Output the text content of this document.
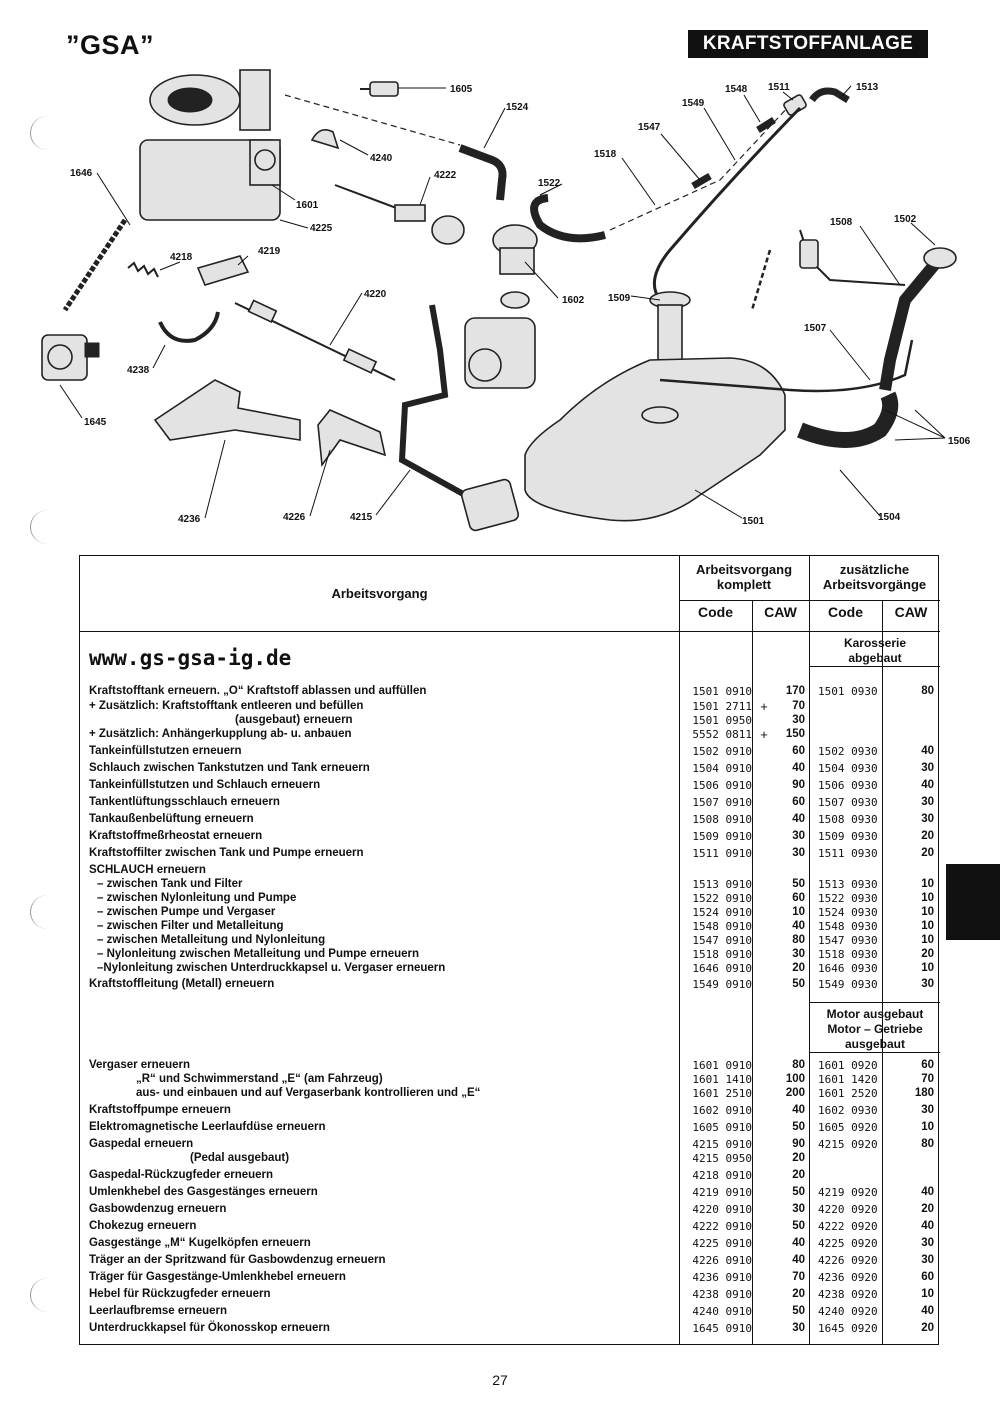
”GSA”	KRAFTSTOFFANLAGE
1605
1524
1548 1511	1513
1549
1547
1518
1646
4240
4222
1522
1601
4225
1508	1502
4218
4219
1602 1509
4220
1507
4238
1645
1506
4236	4226	4215	1501	1504
Arbeitsvorgang
Arbeitsvorgang komplett
zusätzliche Arbeitsvorgänge
Code	CAW	Code	CAW
www.gs-gsa-ig.de
Karosserie abgebaut
Motor ausgebaut Motor – Getriebe ausgebaut
Kraftstofftank erneuern. „O“ Kraftstoff ablassen und auffüllen	1501 0910	170	1501 0930	80
+ Zusätzlich: Kraftstofftank entleeren und befüllen	1501 2711 +	70
(ausgebaut) erneuern	1501 0950	30
+ Zusätzlich: Anhängerkupplung ab- u. anbauen	5552 0811 +	150
Tankeinfüllstutzen erneuern	1502 0910	60	1502 0930	40
Schlauch zwischen Tankstutzen und Tank erneuern	1504 0910	40	1504 0930	30
Tankeinfüllstutzen und Schlauch erneuern	1506 0910	90	1506 0930	40
Tankentlüftungsschlauch erneuern	1507 0910	60	1507 0930	30
Tankaußenbelüftung erneuern	1508 0910	40	1508 0930	30
Kraftstoffmeßrheostat erneuern	1509 0910	30	1509 0930	20
Kraftstoffilter zwischen Tank und Pumpe erneuern	1511 0910	30	1511 0930	20
SCHLAUCH erneuern
– zwischen Tank und Filter	1513 0910	50	1513 0930	10
– zwischen Nylonleitung und Pumpe	1522 0910	60	1522 0930	10
– zwischen Pumpe und Vergaser	1524 0910	10	1524 0930	10
– zwischen Filter und Metalleitung	1548 0910	40	1548 0930	10
– zwischen Metalleitung und Nylonleitung	1547 0910	80	1547 0930	10
– Nylonleitung zwischen Metalleitung und Pumpe erneuern	1518 0910	30	1518 0930	20
–Nylonleitung zwischen Unterdruckkapsel u. Vergaser erneuern	1646 0910	20	1646 0930	10
Kraftstoffleitung (Metall) erneuern	1549 0910	50	1549 0930	30
Vergaser erneuern	1601 0910	80	1601 0920	60
„R“ und Schwimmerstand „E“ (am Fahrzeug)	1601 1410	100	1601 1420	70
aus- und einbauen und auf Vergaserbank kontrollieren und „E“	1601 2510	200	1601 2520	180
Kraftstoffpumpe erneuern	1602 0910	40	1602 0930	30
Elektromagnetische Leerlaufdüse erneuern	1605 0910	50	1605 0920	10
Gaspedal erneuern	4215 0910	90	4215 0920	80
(Pedal ausgebaut)	4215 0950	20
Gaspedal-Rückzugfeder erneuern	4218 0910	20
Umlenkhebel des Gasgestänges erneuern	4219 0910	50	4219 0920	40
Gasbowdenzug erneuern	4220 0910	30	4220 0920	20
Chokezug erneuern	4222 0910	50	4222 0920	40
Gasgestänge „M“ Kugelköpfen erneuern	4225 0910	40	4225 0920	30
Träger an der Spritzwand für Gasbowdenzug erneuern	4226 0910	40	4226 0920	30
Träger für Gasgestänge-Umlenkhebel erneuern	4236 0910	70	4236 0920	60
Hebel für Rückzugfeder erneuern	4238 0910	20	4238 0920	10
Leerlaufbremse erneuern	4240 0910	50	4240 0920	40
Unterdruckkapsel für Ökonosskop erneuern	1645 0910	30	1645 0920	20
27
